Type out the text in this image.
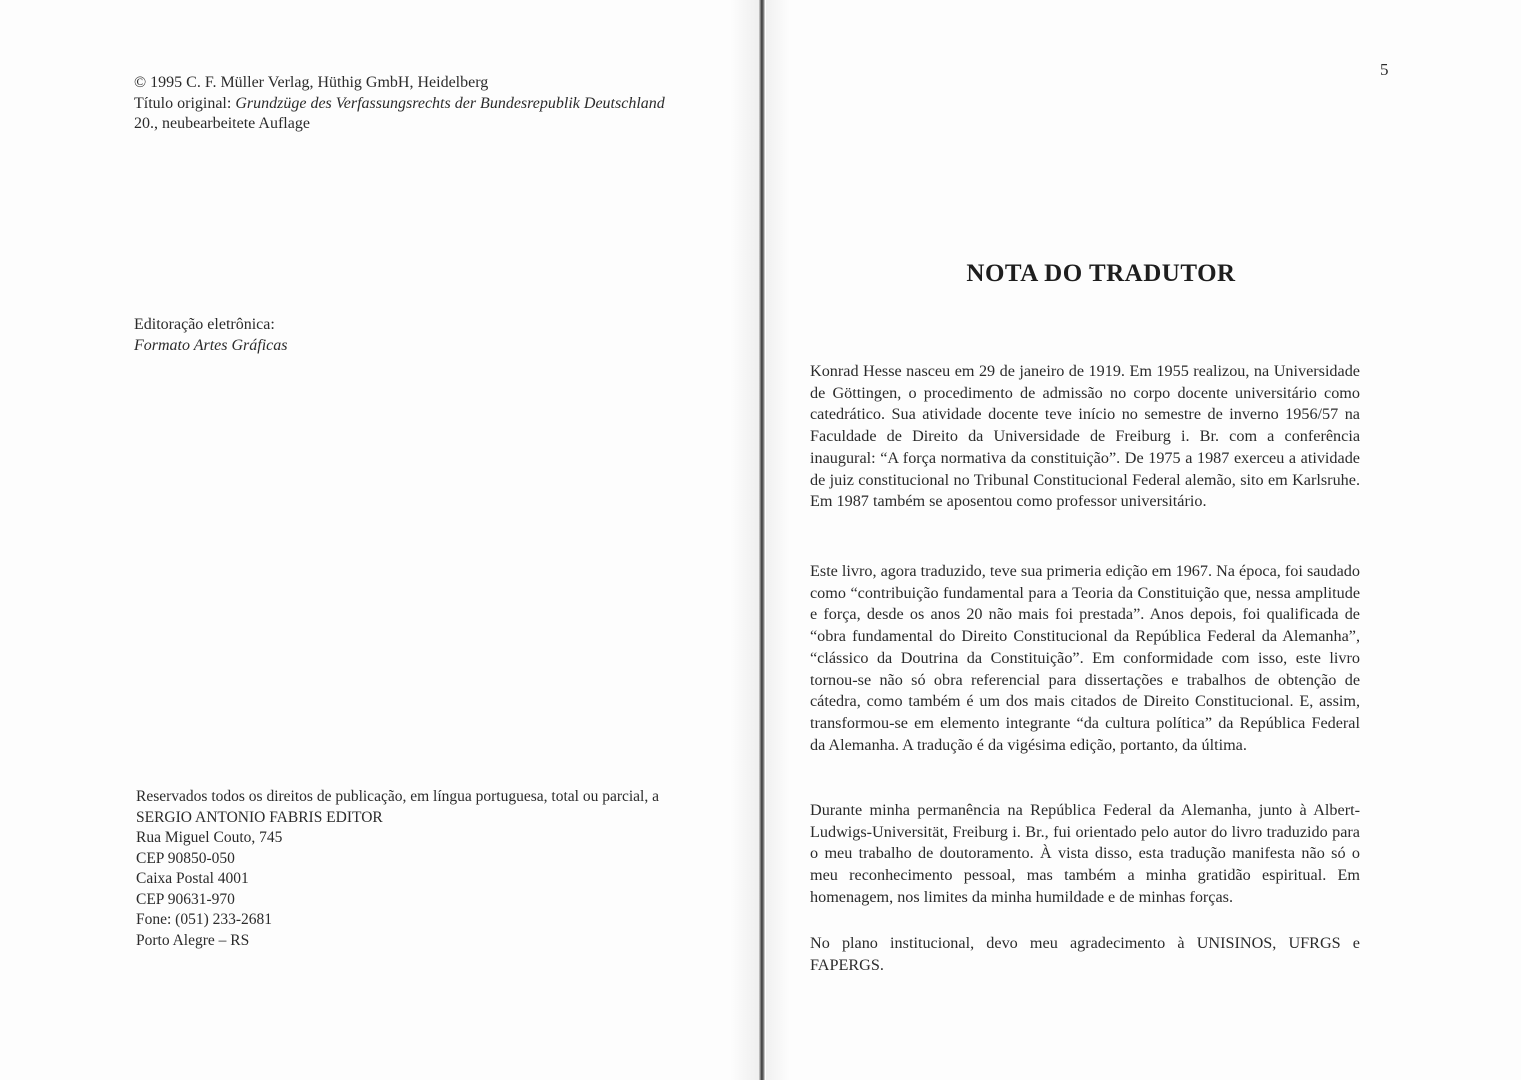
© 1995 C. F. Müller Verlag, Hüthig GmbH, Heidelberg
Título original: Grundzüge des Verfassungsrechts der Bundesrepublik Deutschland
20., neubearbeitete Auflage
Editoração eletrônica:
Formato Artes Gráficas
Reservados todos os direitos de publicação, em língua portuguesa, total ou parcial, a
SERGIO ANTONIO FABRIS EDITOR
Rua Miguel Couto, 745
CEP 90850-050
Caixa Postal 4001
CEP 90631-970
Fone: (051) 233-2681
Porto Alegre – RS
5
NOTA DO TRADUTOR

Konrad Hesse nasceu em 29 de janeiro de 1919. Em 1955 realizou, na Universidade de Göttingen, o procedimento de admissão no corpo docente universitário como catedrático. Sua atividade docente teve início no semestre de inverno 1956/57 na Faculdade de Direito da Universidade de Freiburg i. Br. com a conferência inaugural: “A força normativa da constituição”. De 1975 a 1987 exerceu a atividade de juiz constitucional no Tribunal Constitucional Federal alemão, sito em Karlsruhe. Em 1987 também se aposentou como professor universitário.

Este livro, agora traduzido, teve sua primeria edição em 1967. Na época, foi saudado como “contribuição fundamental para a Teoria da Constituição que, nessa amplitude e força, desde os anos 20 não mais foi prestada”. Anos depois, foi qualificada de “obra fundamental do Direito Constitucional da República Federal da Alemanha”, “clássico da Doutrina da Constituição”. Em conformidade com isso, este livro tornou-se não só obra referencial para dissertações e trabalhos de obtenção de cátedra, como também é um dos mais citados de Direito Constitucional. E, assim, transformou-se em elemento integrante “da cultura política” da República Federal da Alemanha. A tradução é da vigésima edição, portanto, da última.

Durante minha permanência na República Federal da Alemanha, junto à Albert-Ludwigs-Universität, Freiburg i. Br., fui orientado pelo autor do livro traduzido para o meu trabalho de doutoramento. À vista disso, esta tradução manifesta não só o meu reconhecimento pessoal, mas também a minha gratidão espiritual. Em homenagem, nos limites da minha humildade e de minhas forças.

No plano institucional, devo meu agradecimento à UNISINOS, UFRGS e FAPERGS.
